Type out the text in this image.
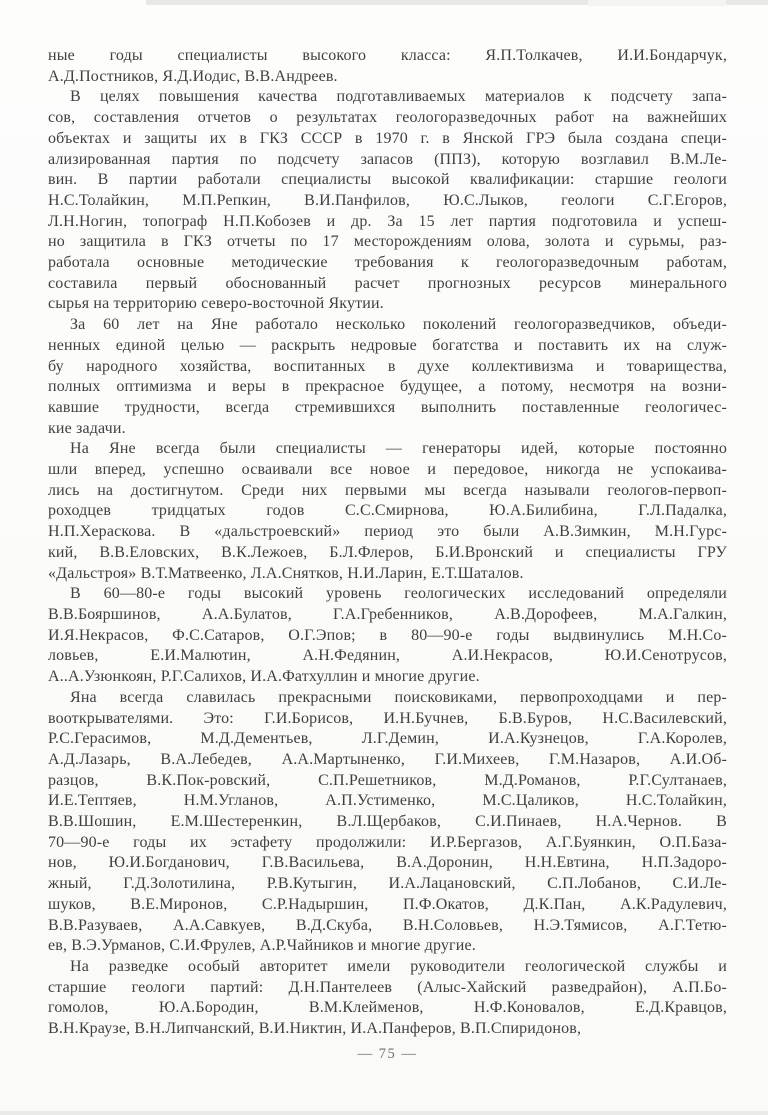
ные годы специалисты высокого класса: Я.П.Толкачев, И.И.Бондарчук,
А.Д.Постников, Я.Д.Иодис, В.В.Андреев.
В целях повышения качества подготавливаемых материалов к подсчету запа-
сов, составления отчетов о результатах геологоразведочных работ на важнейших
объектах и защиты их в ГКЗ СССР в 1970 г. в Янской ГРЭ была создана специ-
ализированная партия по подсчету запасов (ППЗ), которую возглавил В.М.Ле-
вин. В партии работали специалисты высокой квалификации: старшие геологи
Н.С.Толайкин, М.П.Репкин, В.И.Панфилов, Ю.С.Лыков, геологи С.Г.Егоров,
Л.Н.Ногин, топограф Н.П.Кобозев и др. За 15 лет партия подготовила и успеш-
но защитила в ГКЗ отчеты по 17 месторождениям олова, золота и сурьмы, раз-
работала основные методические требования к геологоразведочным работам,
составила первый обоснованный расчет прогнозных ресурсов минерального
сырья на территорию северо-восточной Якутии.
За 60 лет на Яне работало несколько поколений геологоразведчиков, объеди-
ненных единой целью — раскрыть недровые богатства и поставить их на служ-
бу народного хозяйства, воспитанных в духе коллективизма и товарищества,
полных оптимизма и веры в прекрасное будущее, а потому, несмотря на возни-
кавшие трудности, всегда стремившихся выполнить поставленные геологичес-
кие задачи.
На Яне всегда были специалисты — генераторы идей, которые постоянно
шли вперед, успешно осваивали все новое и передовое, никогда не успокаива-
лись на достигнутом. Среди них первыми мы всегда называли геологов-первоп-
роходцев тридцатых годов С.С.Смирнова, Ю.А.Билибина, Г.Л.Падалка,
Н.П.Хераскова. В «дальстроевский» период это были А.В.Зимкин, М.Н.Гурс-
кий, В.В.Еловских, В.К.Лежоев, Б.Л.Флеров, Б.И.Вронский и специалисты ГРУ
«Дальстроя» В.Т.Матвеенко, Л.А.Снятков, Н.И.Ларин, Е.Т.Шаталов.
В 60—80-е годы высокий уровень геологических исследований определяли
В.В.Бояршинов, А.А.Булатов, Г.А.Гребенников, А.В.Дорофеев, М.А.Галкин,
И.Я.Некрасов, Ф.С.Сатаров, О.Г.Эпов; в 80—90-е годы выдвинулись М.Н.Со-
ловьев, Е.И.Малютин, А.Н.Федянин, А.И.Некрасов, Ю.И.Сенотрусов,
А..А.Узюнкоян, Р.Г.Салихов, И.А.Фатхуллин и многие другие.
Яна всегда славилась прекрасными поисковиками, первопроходцами и пер-
вооткрывателями. Это: Г.И.Борисов, И.Н.Бучнев, Б.В.Буров, Н.С.Василевский,
Р.С.Герасимов, М.Д.Дементьев, Л.Г.Демин, И.А.Кузнецов, Г.А.Королев,
А.Д.Лазарь, В.А.Лебедев, А.А.Мартыненко, Г.И.Михеев, Г.М.Назаров, А.И.Об-
разцов, В.К.Пок-ровский, С.П.Решетников, М.Д.Романов, Р.Г.Султанаев,
И.Е.Тептяев, Н.М.Угланов, А.П.Устименко, М.С.Цаликов, Н.С.Толайкин,
В.В.Шошин, Е.М.Шестеренкин, В.Л.Щербаков, С.И.Пинаев, Н.А.Чернов. В
70—90-е годы их эстафету продолжили: И.Р.Бергазов, А.Г.Буянкин, О.П.База-
нов, Ю.И.Богданович, Г.В.Васильева, В.А.Доронин, Н.Н.Евтина, Н.П.Задоро-
жный, Г.Д.Золотилина, Р.В.Кутыгин, И.А.Лацановский, С.П.Лобанов, С.И.Ле-
шуков, В.Е.Миронов, С.Р.Надыршин, П.Ф.Окатов, Д.К.Пан, А.К.Радулевич,
В.В.Разуваев, А.А.Савкуев, В.Д.Скуба, В.Н.Соловьев, Н.Э.Тямисов, А.Г.Тетю-
ев, В.Э.Урманов, С.И.Фрулев, А.Р.Чайников и многие другие.
На разведке особый авторитет имели руководители геологической службы и
старшие геологи партий: Д.Н.Пантелеев (Алыс-Хайский разведрайон), А.П.Бо-
гомолов, Ю.А.Бородин, В.М.Клейменов, Н.Ф.Коновалов, Е.Д.Кравцов,
В.Н.Краузе, В.Н.Липчанский, В.И.Никтин, И.А.Панферов, В.П.Спиридонов,
— 75 —
